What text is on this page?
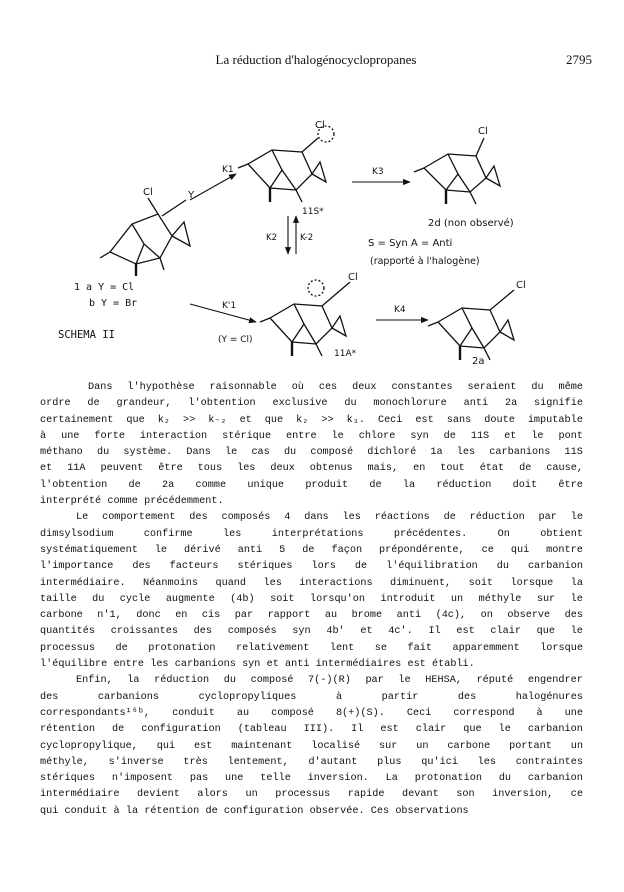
La réduction d'halogénocyclopropanes	2795
Cl	Y
K1
Cl
11S*
K3
Cl
2d (non observé)
S = Syn A = Anti
(rapporté à l'halogène)
K2	K-2
1 a Y = Cl
b Y = Br
SCHEMA II
K'1
(Y = Cl)
Cl
11A*
K4
Cl
2a
Dans l'hypothèse raisonnable où ces deux constantes seraient du même
ordre de grandeur, l'obtention exclusive du monochlorure anti 2a signifie
certainement que k₂ >> k₋₂ et que k₂ >> k₃. Ceci est sans doute imputable
à une forte interaction stérique entre le chlore syn de 11S et le pont
méthano du système. Dans le cas du composé dichloré 1a les carbanions 11S
et 11A peuvent être tous les deux obtenus mais, en tout état de cause,
l'obtention de 2a comme unique produit de la réduction doit être
interprété comme précédemment.
Le comportement des composés 4 dans les réactions de réduction par le
dimsylsodium	confirme	les	interprétations	précédentes.	On	obtient
systématiquement le dérivé anti 5 de façon prépondérente, ce qui montre
l'importance des facteurs stériques lors de l'équilibration du carbanion
intermédiaire. Néanmoins quand les interactions diminuent, soit lorsque la
taille du cycle augmente (4b) soit lorsqu'on introduit un méthyle sur le
carbone n'1, donc en cis par rapport au brome anti (4c), on observe des
quantités croissantes des composés syn 4b' et 4c'. Il est clair que le
processus de protonation relativement lent se fait apparemment lorsque
l'équilibre entre les carbanions syn et anti intermédiaires est établi.
Enfin, la réduction du composé 7(-)(R) par le HEHSA, réputé engendrer
des	carbanions	cyclopropyliques	à	partir	des	halogénures
correspondants¹⁶ᵇ, conduit au composé 8(+)(S). Ceci correspond à une
rétention de configuration (tableau III). Il est clair que le carbanion
cyclopropylique, qui est maintenant localisé sur un carbone portant un
méthyle, s'inverse très lentement, d'autant plus qu'ici les contraintes
stériques n'imposent pas une telle inversion. La protonation du carbanion
intermédiaire devient alors un processus rapide devant son inversion, ce
qui conduit à la rétention de configuration observée. Ces observations
